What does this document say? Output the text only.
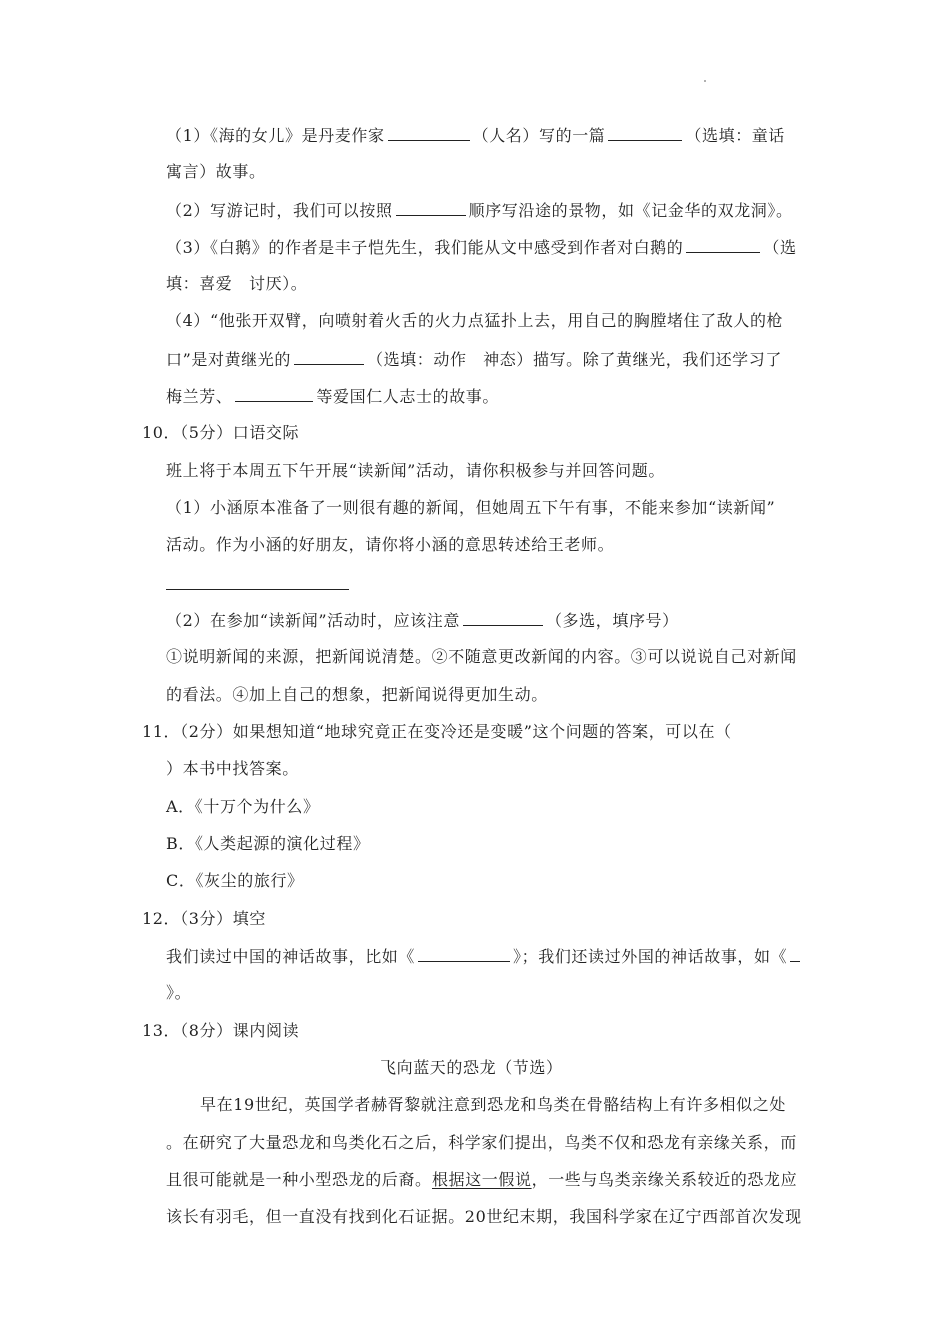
（1）《海的女儿》是丹麦作家	（人名）写的一篇	（选填：童话
寓言）故事。
（2）写游记时，我们可以按照	顺序写沿途的景物，如《记金华的双龙洞》。
（3）《白鹅》的作者是丰子恺先生，我们能从文中感受到作者对白鹅的	（选
填：喜爱　讨厌）。
（4）“他张开双臂，向喷射着火舌的火力点猛扑上去，用自己的胸膛堵住了敌人的枪
口”是对黄继光的	（选填：动作　神态）描写。除了黄继光，我们还学习了
梅兰芳、	等爱国仁人志士的故事。
10．（5分）口语交际
班上将于本周五下午开展“读新闻”活动，请你积极参与并回答问题。
（1）小涵原本准备了一则很有趣的新闻，但她周五下午有事，不能来参加“读新闻”
活动。作为小涵的好朋友，请你将小涵的意思转述给王老师。
（2）在参加“读新闻”活动时，应该注意	（多选，填序号）
①说明新闻的来源，把新闻说清楚。②不随意更改新闻的内容。③可以说说自己对新闻
的看法。④加上自己的想象，把新闻说得更加生动。
11．（2分）如果想知道“地球究竟正在变冷还是变暖”这个问题的答案，可以在（
）本书中找答案。
A．《十万个为什么》
B．《人类起源的演化过程》
C．《灰尘的旅行》
12．（3分）填空
我们读过中国的神话故事，比如《	》；我们还读过外国的神话故事，如《
》。
13．（8分）课内阅读
飞向蓝天的恐龙（节选）
早在19世纪，英国学者赫胥黎就注意到恐龙和鸟类在骨骼结构上有许多相似之处
。在研究了大量恐龙和鸟类化石之后，科学家们提出，鸟类不仅和恐龙有亲缘关系，而
且很可能就是一种小型恐龙的后裔。 根据这一假说，一些与鸟类亲缘关系较近的恐龙应
该长有羽毛，但一直没有找到化石证据。20世纪末期，我国科学家在辽宁西部首次发现
